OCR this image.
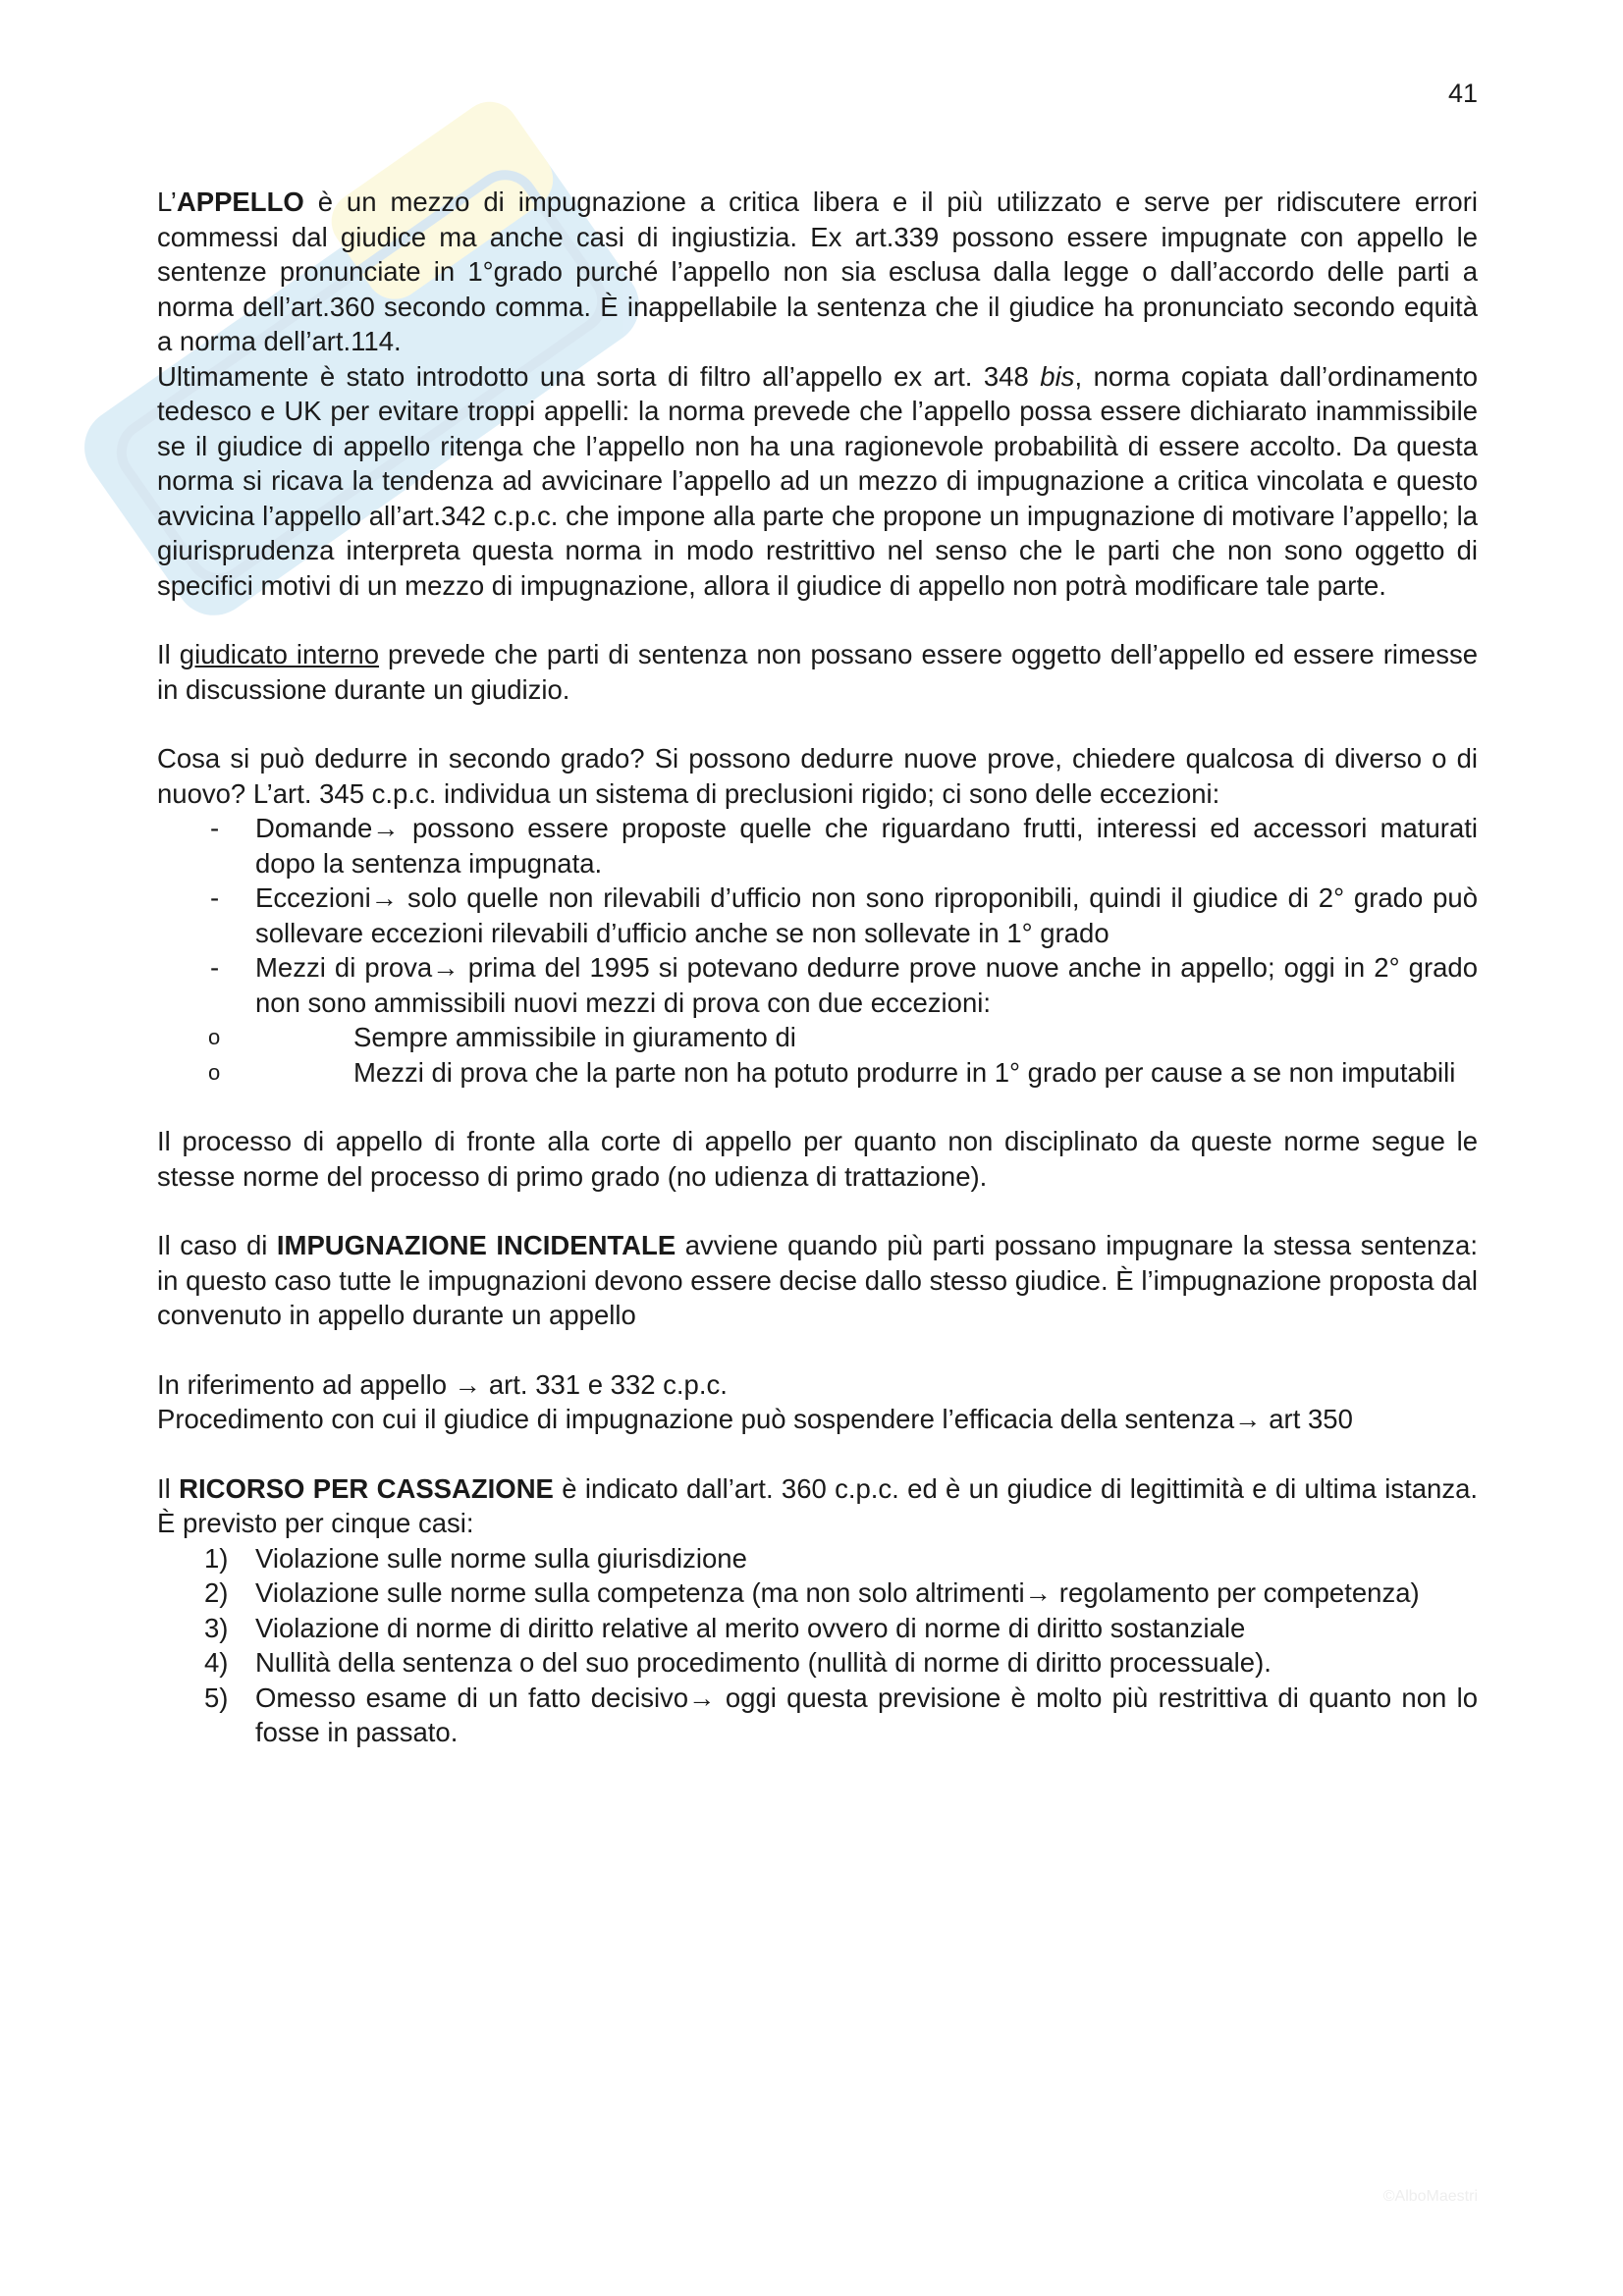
41

L’APPELLO è un mezzo di impugnazione a critica libera e il più utilizzato e serve per ridiscutere errori commessi dal giudice ma anche casi di ingiustizia. Ex art.339 possono essere impugnate con appello le sentenze pronunciate in 1°grado purché l’appello non sia esclusa dalla legge o dall’accordo delle parti a norma dell’art.360 secondo comma. È inappellabile la sentenza che il giudice ha pronunciato secondo equità a norma dell’art.114.

Ultimamente è stato introdotto una sorta di filtro all’appello ex art. 348 bis, norma copiata dall’ordinamento tedesco e UK per evitare troppi appelli: la norma prevede che l’appello possa essere dichiarato inammissibile se il giudice di appello ritenga che l’appello non ha una ragionevole probabilità di essere accolto. Da questa norma si ricava la tendenza ad avvicinare l’appello ad un mezzo di impugnazione a critica vincolata e questo avvicina l’appello all’art.342 c.p.c. che impone alla parte che propone un impugnazione di motivare l’appello; la giurisprudenza interpreta questa norma in modo restrittivo nel senso che le parti che non sono oggetto di specifici motivi di un mezzo di impugnazione, allora il giudice di appello non potrà modificare tale parte.

Il giudicato interno prevede che parti di sentenza non possano essere oggetto dell’appello ed essere rimesse in discussione durante un giudizio.

Cosa si può dedurre in secondo grado? Si possono dedurre nuove prove, chiedere qualcosa di diverso o di nuovo? L’art. 345 c.p.c. individua un sistema di preclusioni rigido; ci sono delle eccezioni:

- Domande→ possono essere proposte quelle che riguardano frutti, interessi ed accessori maturati dopo la sentenza impugnata.
- Eccezioni→ solo quelle non rilevabili d’ufficio non sono riproponibili, quindi il giudice di 2° grado può sollevare eccezioni rilevabili d’ufficio anche se non sollevate in 1° grado
- Mezzi di prova→ prima del 1995 si potevano dedurre prove nuove anche in appello; oggi in 2° grado non sono ammissibili nuovi mezzi di prova con due eccezioni:
o Sempre ammissibile in giuramento di
o Mezzi di prova che la parte non ha potuto produrre in 1° grado per cause a se non imputabili

Il processo di appello di fronte alla corte di appello per quanto non disciplinato da queste norme segue le stesse norme del processo di primo grado (no udienza di trattazione).

Il caso di IMPUGNAZIONE INCIDENTALE avviene quando più parti possano impugnare la stessa sentenza: in questo caso tutte le impugnazioni devono essere decise dallo stesso giudice. È l’impugnazione proposta dal convenuto in appello durante un appello

In riferimento ad appello → art. 331 e 332 c.p.c.

Procedimento con cui il giudice di impugnazione può sospendere l’efficacia della sentenza→ art 350

Il RICORSO PER CASSAZIONE è indicato dall’art. 360 c.p.c. ed è un giudice di legittimità e di ultima istanza. È previsto per cinque casi:

1) Violazione sulle norme sulla giurisdizione
2) Violazione sulle norme sulla competenza (ma non solo altrimenti→ regolamento per competenza)
3) Violazione di norme di diritto relative al merito ovvero di norme di diritto sostanziale
4) Nullità della sentenza o del suo procedimento (nullità di norme di diritto processuale).
5) Omesso esame di un fatto decisivo→ oggi questa previsione è molto più restrittiva di quanto non lo fosse in passato.
©AlboMaestri
